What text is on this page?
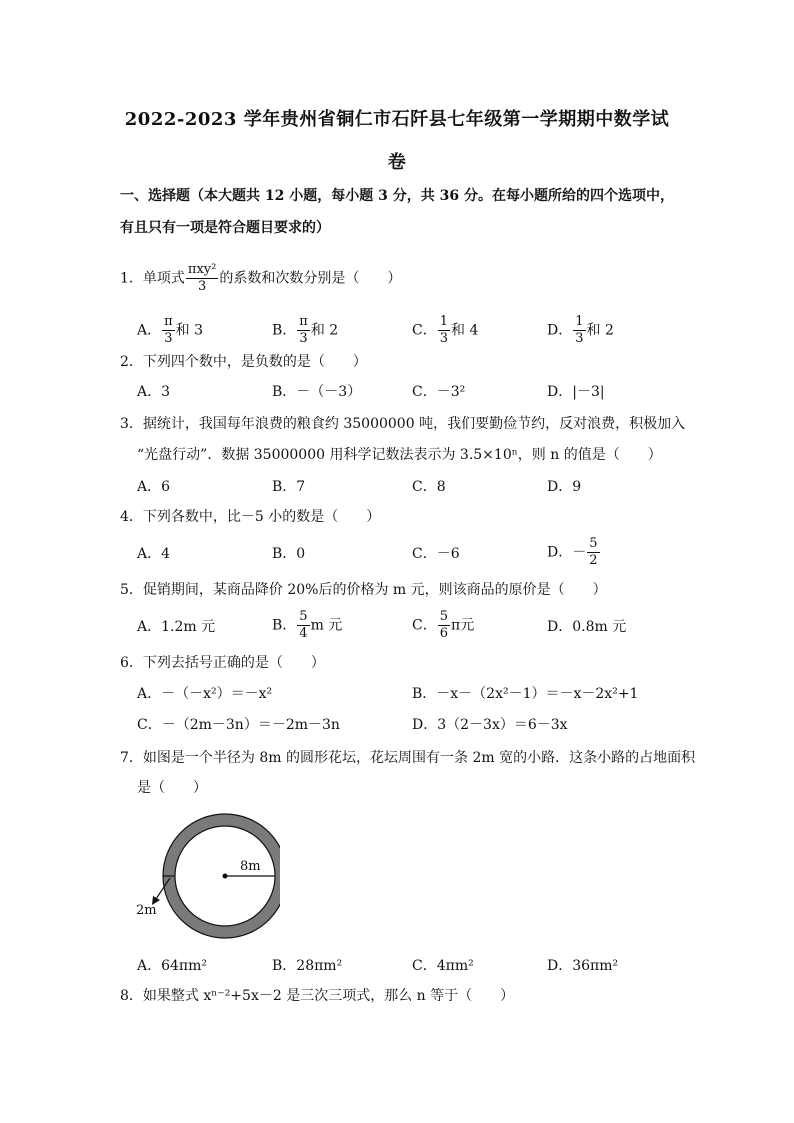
2022-2023 学年贵州省铜仁市石阡县七年级第一学期期中数学试
卷
一、选择题（本大题共 12 小题，每小题 3 分，共 36 分。在每小题所给的四个选项中，有且只有一项是符合题目要求的）
1．单项式 $\frac{\text{πxy²}}{3}$ 的系数和次数分别是（　　）
A． $\frac{\pi}{3}$ 和 3	B． $\frac{\pi}{3}$ 和 2	C． $\frac{1}{3}$ 和 4	D． $\frac{1}{3}$ 和 2
2．下列四个数中，是负数的是（　　）
A．3	B．－（－3）	C．－3²	D．|－3|
3．据统计，我国每年浪费的粮食约 35000000 吨，我们要勤俭节约，反对浪费，积极加入
“光盘行动”．数据 35000000 用科学记数法表示为 3.5×10ⁿ，则 n 的值是（　　）
A．6	B．7	C．8	D．9
4．下列各数中，比－5 小的数是（　　）
A．4	B．0	C．－6	D．－ $\frac{5}{2}$
5．促销期间，某商品降价 20%后的价格为 m 元，则该商品的原价是（　　）
A．1.2m 元	B． $\frac{5}{4}$ m 元	C． $\frac{5}{6}$ π元	D．0.8m 元
6．下列去括号正确的是（　　）
A．－（－x²）＝－x²	B．－x－（2x²－1）＝－x－2x²+1
C．－（2m－3n）＝－2m－3n	D．3（2－3x）＝6－3x
7．如图是一个半径为 8m 的圆形花坛，花坛周围有一条 2m 宽的小路．这条小路的占地面积
是（　　）
8m
2m
A．64πm²	B．28πm²	C．4πm²	D．36πm²
8．如果整式 xⁿ⁻²+5x－2 是三次三项式，那么 n 等于（　　）
